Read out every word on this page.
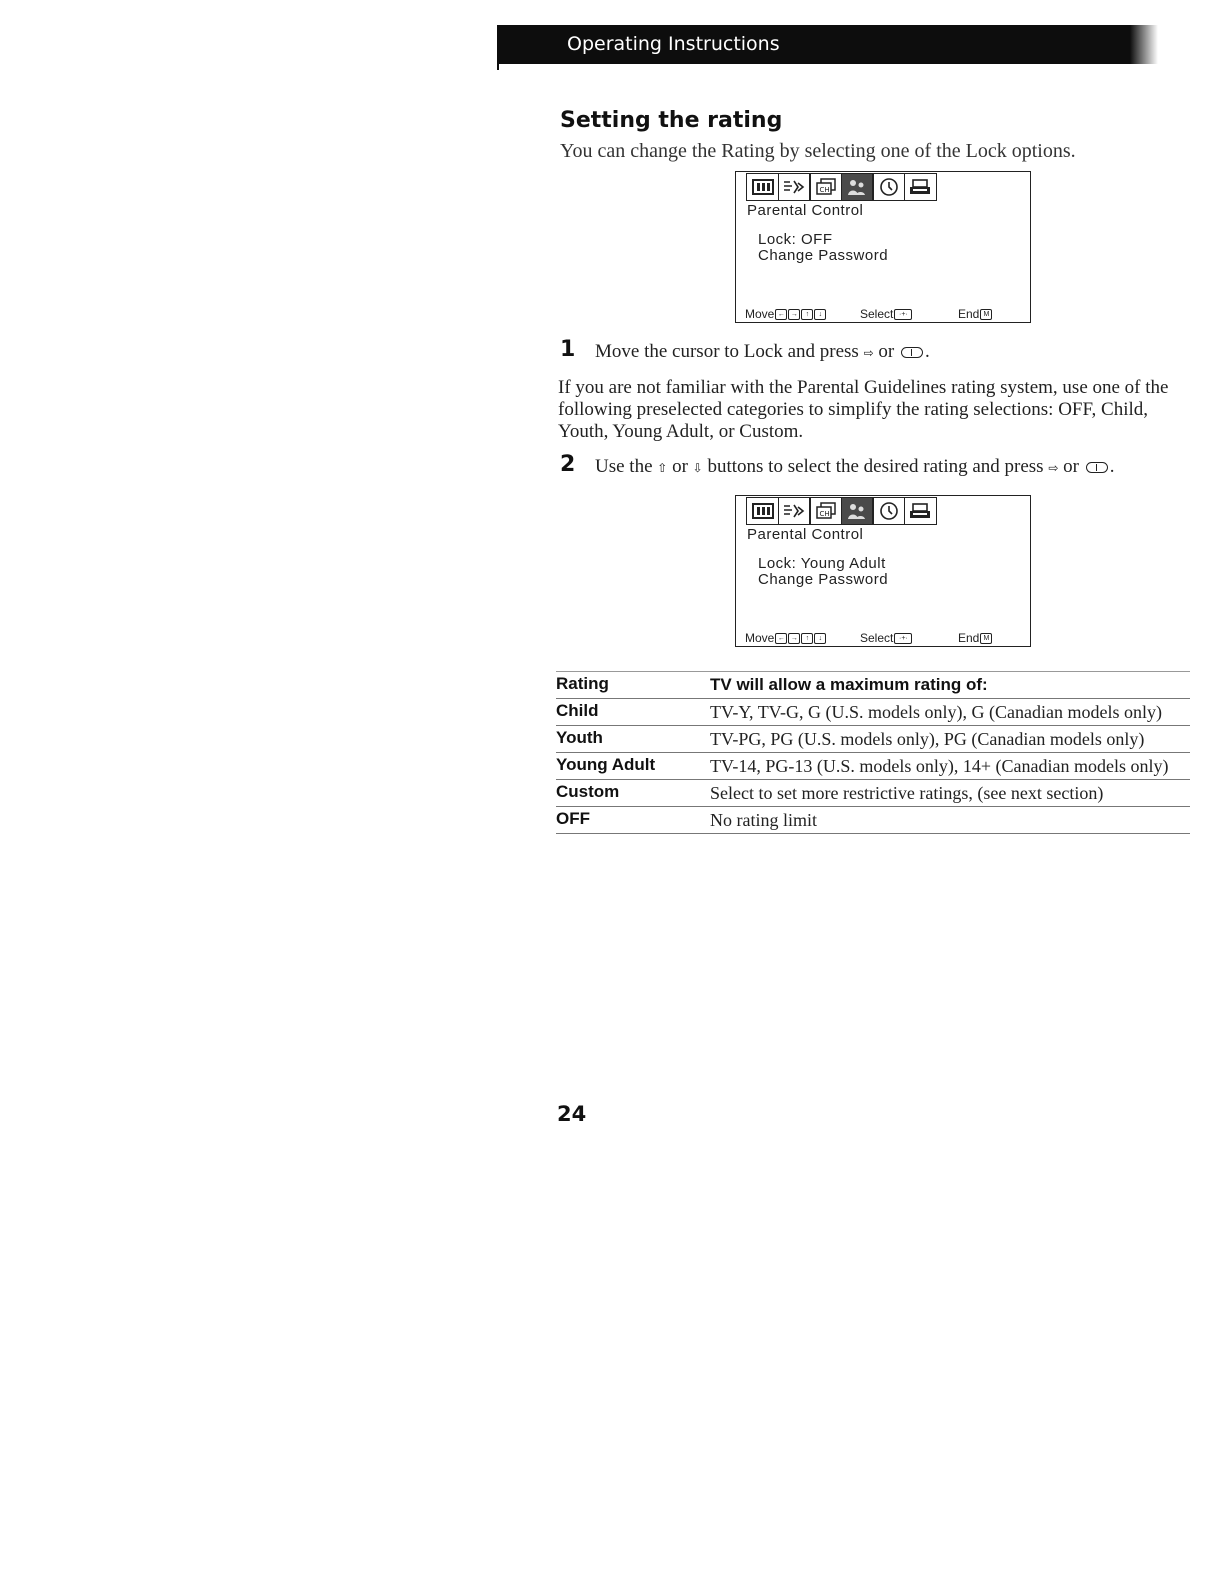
Operating Instructions
Setting the rating
You can change the Rating by selecting one of the Lock options.
CH
Parental Control
Lock: OFF
Change Password
Move ← →	↑	↓	Select ·+·	End M
1 Move the cursor to Lock and press ⇨ or .
If you are not familiar with the Parental Guidelines rating system, use one of the following preselected categories to simplify the rating selections: OFF, Child, Youth, Young Adult, or Custom.
2 Use the ⇧ or ⇩ buttons to select the desired rating and press ⇨ or .
CH
Parental Control
Lock: Young Adult
Change Password
Move ← →	↑	↓	Select ·+·	End M
Rating	TV will allow a maximum rating of:
Child	TV-Y, TV-G, G (U.S. models only), G (Canadian models only)
Youth	TV-PG, PG (U.S. models only), PG (Canadian models only)
Young Adult	TV-14, PG-13 (U.S. models only), 14+ (Canadian models only)
Custom	Select to set more restrictive ratings, (see next section)
OFF	No rating limit
24
